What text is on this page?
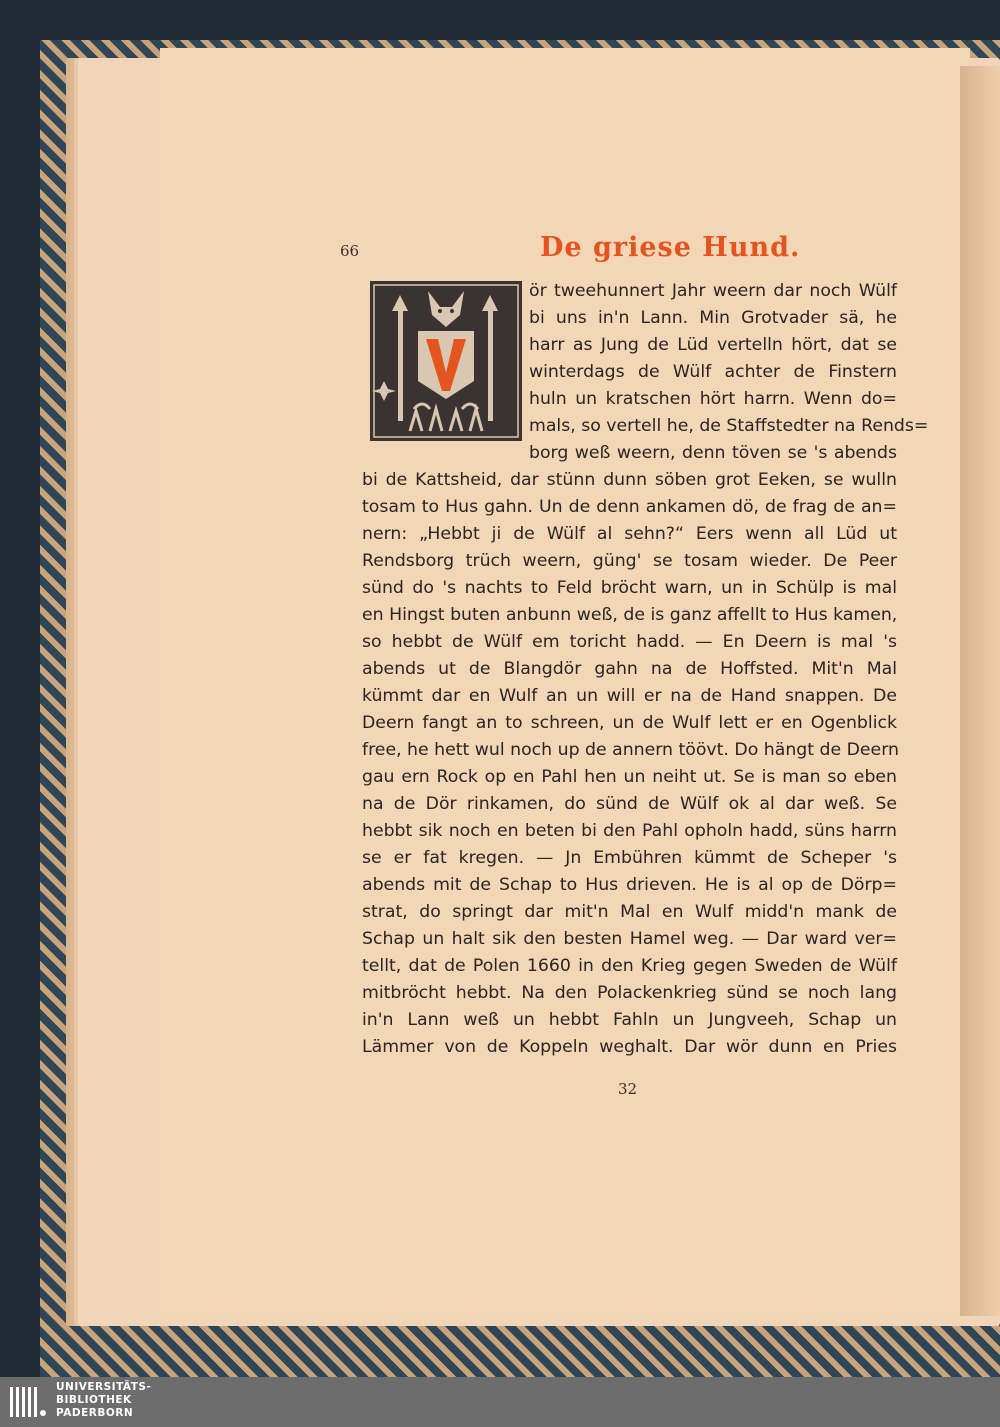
66	De griese Hund.
ör tweehunnert Jahr weern dar noch Wülf
bi uns in'n Lann. Min Grotvader sä, he
harr as Jung de Lüd vertelln hört, dat se
winterdags de Wülf achter de Finstern
huln un kratschen hört harrn. Wenn do=
mals, so vertell he, de Staffstedter na Rends=
borg weß weern, denn töven se 's abends
bi de Kattsheid, dar stünn dunn söben grot Eeken, se wulln
tosam to Hus gahn. Un de denn ankamen dö, de frag de an=
nern: „Hebbt ji de Wülf al sehn?“ Eers wenn all Lüd ut
Rendsborg trüch weern, güng' se tosam wieder. De Peer
sünd do 's nachts to Feld bröcht warn, un in Schülp is mal
en Hingst buten anbunn weß, de is ganz affellt to Hus kamen,
so hebbt de Wülf em toricht hadd. — En Deern is mal 's
abends ut de Blangdör gahn na de Hoffsted. Mit'n Mal
kümmt dar en Wulf an un will er na de Hand snappen. De
Deern fangt an to schreen, un de Wulf lett er en Ogenblick
free, he hett wul noch up de annern töövt. Do hängt de Deern
gau ern Rock op en Pahl hen un neiht ut. Se is man so eben
na de Dör rinkamen, do sünd de Wülf ok al dar weß. Se
hebbt sik noch en beten bi den Pahl opholn hadd, süns harrn
se er fat kregen. — Jn Embühren kümmt de Scheper 's
abends mit de Schap to Hus drieven. He is al op de Dörp=
strat, do springt dar mit'n Mal en Wulf midd'n mank de
Schap un halt sik den besten Hamel weg. — Dar ward ver=
tellt, dat de Polen 1660 in den Krieg gegen Sweden de Wülf
mitbröcht hebbt. Na den Polackenkrieg sünd se noch lang
in'n Lann weß un hebbt Fahln un Jungveeh, Schap un
Lämmer von de Koppeln weghalt. Dar wör dunn en Pries
32
UNIVERSITÄTS-
BIBLIOTHEK
PADERBORN
